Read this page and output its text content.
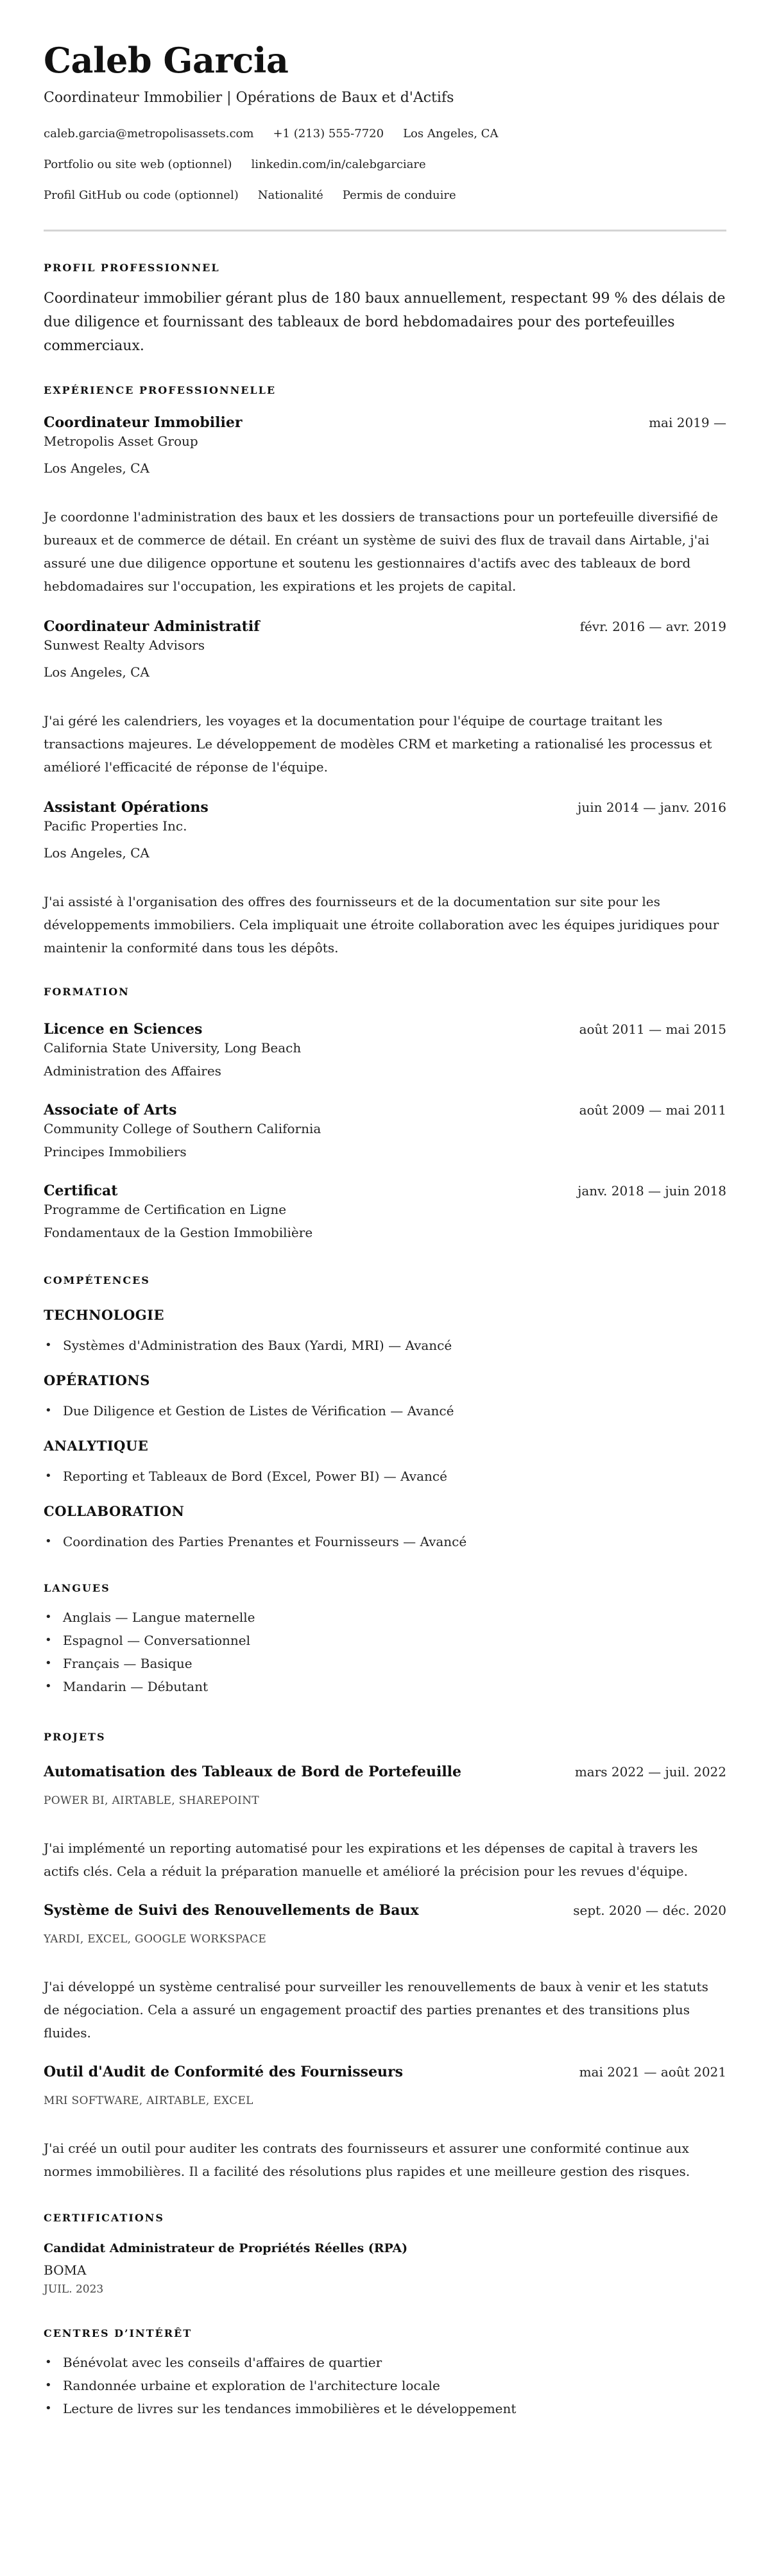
Caleb Garcia
Coordinateur Immobilier | Opérations de Baux et d'Actifs
caleb.garcia@metropolisassets.com +1 (213) 555-7720 Los Angeles, CA
Portfolio ou site web (optionnel) linkedin.com/in/calebgarciare
Profil GitHub ou code (optionnel) Nationalité Permis de conduire
PROFIL PROFESSIONNEL

Coordinateur immobilier gérant plus de 180 baux annuellement, respectant 99 % des délais de due diligence et fournissant des tableaux de bord hebdomadaires pour des portefeuilles commerciaux.

EXPÉRIENCE PROFESSIONNELLE
Coordinateur Immobilier	mai 2019 —
Metropolis Asset Group
Los Angeles, CA

Je coordonne l'administration des baux et les dossiers de transactions pour un portefeuille diversifié de bureaux et de commerce de détail. En créant un système de suivi des flux de travail dans Airtable, j'ai assuré une due diligence opportune et soutenu les gestionnaires d'actifs avec des tableaux de bord hebdomadaires sur l'occupation, les expirations et les projets de capital.

Coordinateur Administratif	févr. 2016 — avr. 2019
Sunwest Realty Advisors
Los Angeles, CA

J'ai géré les calendriers, les voyages et la documentation pour l'équipe de courtage traitant les transactions majeures. Le développement de modèles CRM et marketing a rationalisé les processus et amélioré l'efficacité de réponse de l'équipe.

Assistant Opérations	juin 2014 — janv. 2016
Pacific Properties Inc.
Los Angeles, CA

J'ai assisté à l'organisation des offres des fournisseurs et de la documentation sur site pour les développements immobiliers. Cela impliquait une étroite collaboration avec les équipes juridiques pour maintenir la conformité dans tous les dépôts.

FORMATION
Licence en Sciences	août 2011 — mai 2015
California State University, Long Beach
Administration des Affaires
Associate of Arts	août 2009 — mai 2011
Community College of Southern California
Principes Immobiliers
Certificat	janv. 2018 — juin 2018
Programme de Certification en Ligne
Fondamentaux de la Gestion Immobilière
COMPÉTENCES
TECHNOLOGIE
• Systèmes d'Administration des Baux (Yardi, MRI) — Avancé
OPÉRATIONS
• Due Diligence et Gestion de Listes de Vérification — Avancé
ANALYTIQUE
• Reporting et Tableaux de Bord (Excel, Power BI) — Avancé
COLLABORATION
• Coordination des Parties Prenantes et Fournisseurs — Avancé
LANGUES
• Anglais — Langue maternelle
• Espagnol — Conversationnel
• Français — Basique
• Mandarin — Débutant
PROJETS
Automatisation des Tableaux de Bord de Portefeuille	mars 2022 — juil. 2022
POWER BI, AIRTABLE, SHAREPOINT

J'ai implémenté un reporting automatisé pour les expirations et les dépenses de capital à travers les actifs clés. Cela a réduit la préparation manuelle et amélioré la précision pour les revues d'équipe.

Système de Suivi des Renouvellements de Baux	sept. 2020 — déc. 2020
YARDI, EXCEL, GOOGLE WORKSPACE

J'ai développé un système centralisé pour surveiller les renouvellements de baux à venir et les statuts de négociation. Cela a assuré un engagement proactif des parties prenantes et des transitions plus fluides.

Outil d'Audit de Conformité des Fournisseurs	mai 2021 — août 2021
MRI SOFTWARE, AIRTABLE, EXCEL

J'ai créé un outil pour auditer les contrats des fournisseurs et assurer une conformité continue aux normes immobilières. Il a facilité des résolutions plus rapides et une meilleure gestion des risques.

CERTIFICATIONS
Candidat Administrateur de Propriétés Réelles (RPA)
BOMA
JUIL. 2023
CENTRES D’INTÉRÊT
• Bénévolat avec les conseils d'affaires de quartier
• Randonnée urbaine et exploration de l'architecture locale
• Lecture de livres sur les tendances immobilières et le développement
